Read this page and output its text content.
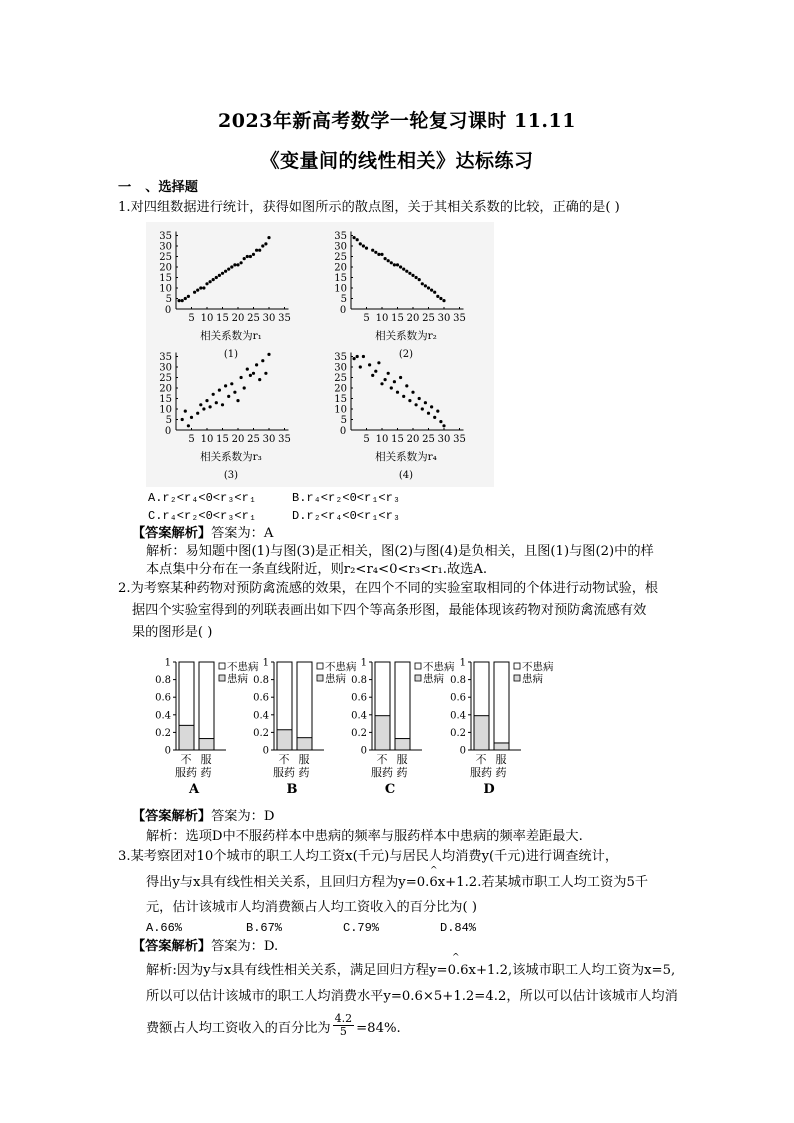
2023年新高考数学一轮复习课时 11.11
《变量间的线性相关》达标练习
一 、选择题
1.对四组数据进行统计，获得如图所示的散点图，关于其相关系数的比较，正确的是( )
0
5 10 15 20 25 30 35
5
10
15
20
25
30
35
相关系数为r₁
(1)
0
5 10 15 20 25 30 35
5
10
15
20
25
30
35
相关系数为r₂
(2)
0
5 10 15 20 25 30 35
5
10
15
20
25
30
35
相关系数为r₃
(3)
0
5 10 15 20 25 30 35
5
10
15
20
25
30
35
相关系数为r₄
(4)
A.r₂<r₄<0<r₃<r₁	B.r₄<r₂<0<r₁<r₃
C.r₄<r₂<0<r₃<r₁	D.r₂<r₄<0<r₁<r₃
【答案解析】答案为：A
解析：易知题中图(1)与图(3)是正相关，图(2)与图(4)是负相关，且图(1)与图(2)中的样
本点集中分布在一条直线附近，则r₂<r₄<0<r₃<r₁.故选A.
2.为考察某种药物对预防禽流感的效果，在四个不同的实验室取相同的个体进行动物试验，根
据四个实验室得到的列联表画出如下四个等高条形图，最能体现该药物对预防禽流感有效
果的图形是( )
0
0.2
0.4
0.6
0.8
1
不
服药
服
药
不患病
患病
A
0
0.2
0.4
0.6
0.8
1
不
服药
服
药
不患病
患病
B
0
0.2
0.4
0.6
0.8
1
不
服药
服
药
不患病
患病
C
0
0.2
0.4
0.6
0.8
1
不
服药
服
药
不患病
患病
D
【答案解析】答案为：D
解析：选项D中不服药样本中患病的频率与服药样本中患病的频率差距最大.
3.某考察团对10个城市的职工人均工资x(千元)与居民人均消费y(千元)进行调查统计，
^
得出y与x具有线性相关关系，且回归方程为y=0.6x+1.2.若某城市职工人均工资为5千
元，估计该城市人均消费额占人均工资收入的百分比为( )
A.66%	B.67%	C.79%	D.84%
【答案解析】答案为：D.
^
解析:因为y与x具有线性相关关系，满足回归方程y=0.6x+1.2,该城市职工人均工资为x=5,
所以可以估计该城市的职工人均消费水平y=0.6×5+1.2=4.2，所以可以估计该城市人均消
费额占人均工资收入的百分比为 $\frac{4.2}{5} =84\%$.
